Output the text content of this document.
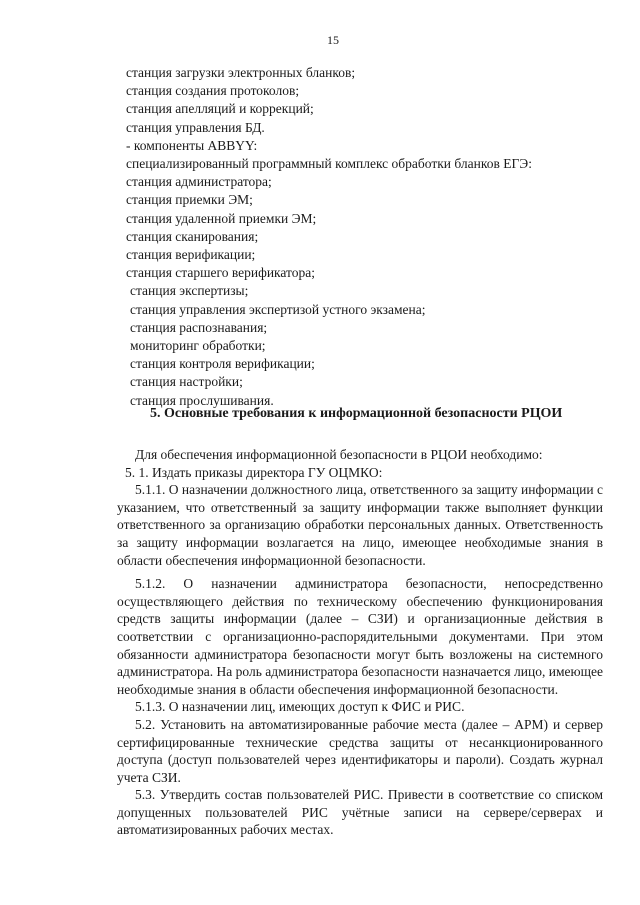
15
станция загрузки электронных бланков;
станция создания протоколов;
станция апелляций и коррекций;
станция управления БД.
- компоненты ABBYY:
специализированный программный комплекс обработки бланков ЕГЭ:
станция администратора;
станция приемки ЭМ;
станция удаленной приемки ЭМ;
станция сканирования;
станция верификации;
станция старшего верификатора;
станция экспертизы;
станция управления экспертизой устного экзамена;
станция распознавания;
мониторинг обработки;
станция контроля верификации;
станция настройки;
станция прослушивания.
5. Основные требования к информационной безопасности РЦОИ

Для обеспечения информационной безопасности в РЦОИ необходимо:

5. 1. Издать приказы директора ГУ ОЦМКО:

5.1.1. О назначении должностного лица, ответственного за защиту информации с указанием, что ответственный за защиту информации также выполняет функции ответственного за организацию обработки персональных данных. Ответственность за защиту информации возлагается на лицо, имеющее необходимые знания в области обеспечения информационной безопасности.

5.1.2. О назначении администратора безопасности, непосредственно осуществляющего действия по техническому обеспечению функционирования средств защиты информации (далее – СЗИ) и организационные действия в соответствии с организационно-распорядительными документами. При этом обязанности администратора безопасности могут быть возложены на системного администратора. На роль администратора безопасности назначается лицо, имеющее необходимые знания в области обеспечения информационной безопасности.

5.1.3. О назначении лиц, имеющих доступ к ФИС и РИС.

5.2. Установить на автоматизированные рабочие места (далее – АРМ) и сервер сертифицированные технические средства защиты от несанкционированного доступа (доступ пользователей через идентификаторы и пароли). Создать журнал учета СЗИ.

5.3. Утвердить состав пользователей РИС. Привести в соответствие со списком допущенных пользователей РИС учётные записи на сервере/серверах и автоматизированных рабочих местах.
